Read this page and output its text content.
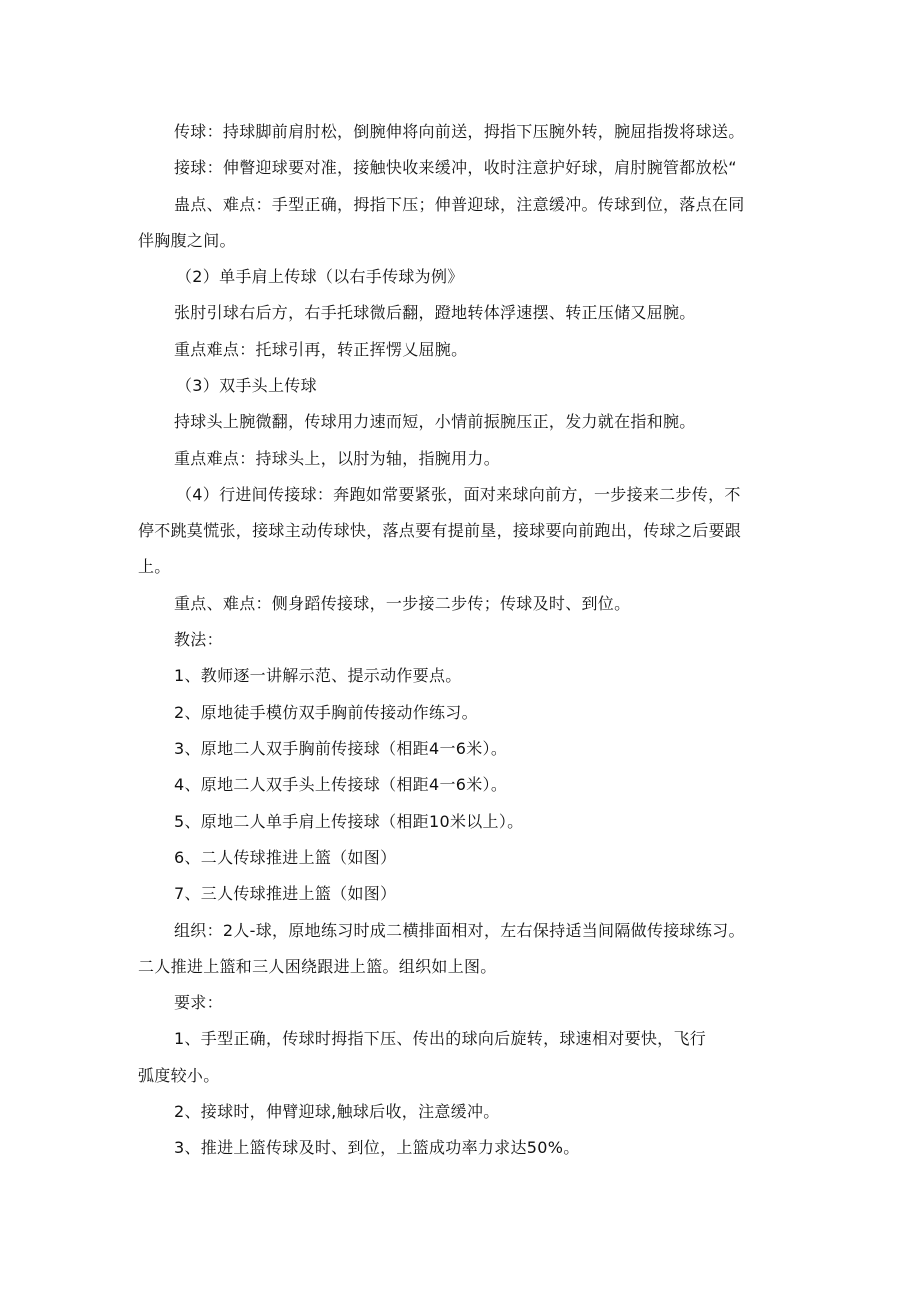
传球：持球脚前肩肘松，倒腕伸将向前送，拇指下压腕外转，腕屈指拨将球送。
接球：伸瞥迎球要对准，接触快收来缓冲，收时注意护好球，肩肘腕管都放松“
蛊点、难点：手型正确，拇指下压；伸普迎球，注意缓冲。传球到位，落点在同
伴胸腹之间。
（2）单手肩上传球（以右手传球为例》
张肘引球右后方，右手托球微后翻，蹬地转体浮速摆、转正压储又屈腕。
重点难点：托球引再，转正挥愣乂屈腕。
（3）双手头上传球
持球头上腕微翻，传球用力速而短，小情前振腕压正，发力就在指和腕。
重点难点：持球头上，以肘为轴，指腕用力。
（4）行进间传接球：奔跑如常要紧张，面对来球向前方，一步接来二步传，不
停不跳莫慌张，接球主动传球快，落点要有提前垦，接球要向前跑出，传球之后要跟
上。
重点、难点：侧身蹈传接球，一步接二步传；传球及时、到位。
教法：
1、教师逐一讲解示范、提示动作要点。
2、原地徒手模仿双手胸前传接动作练习。
3、原地二人双手胸前传接球（相距4一6米）。
4、原地二人双手头上传接球（相距4一6米）。
5、原地二人单手肩上传接球（相距10米以上）。
6、二人传球推进上篮（如图）
7、三人传球推进上篮（如图）
组织：2人-球，原地练习时成二横排面相对，左右保持适当间隔做传接球练习。
二人推进上篮和三人困绕跟进上篮。组织如上图。
要求：
1、手型正确，传球时拇指下压、传出的球向后旋转，球速相对要快，飞行
弧度较小。
2、接球时，伸臂迎球,触球后收，注意缓冲。
3、推进上篮传球及时、到位，上篮成功率力求达50%。
